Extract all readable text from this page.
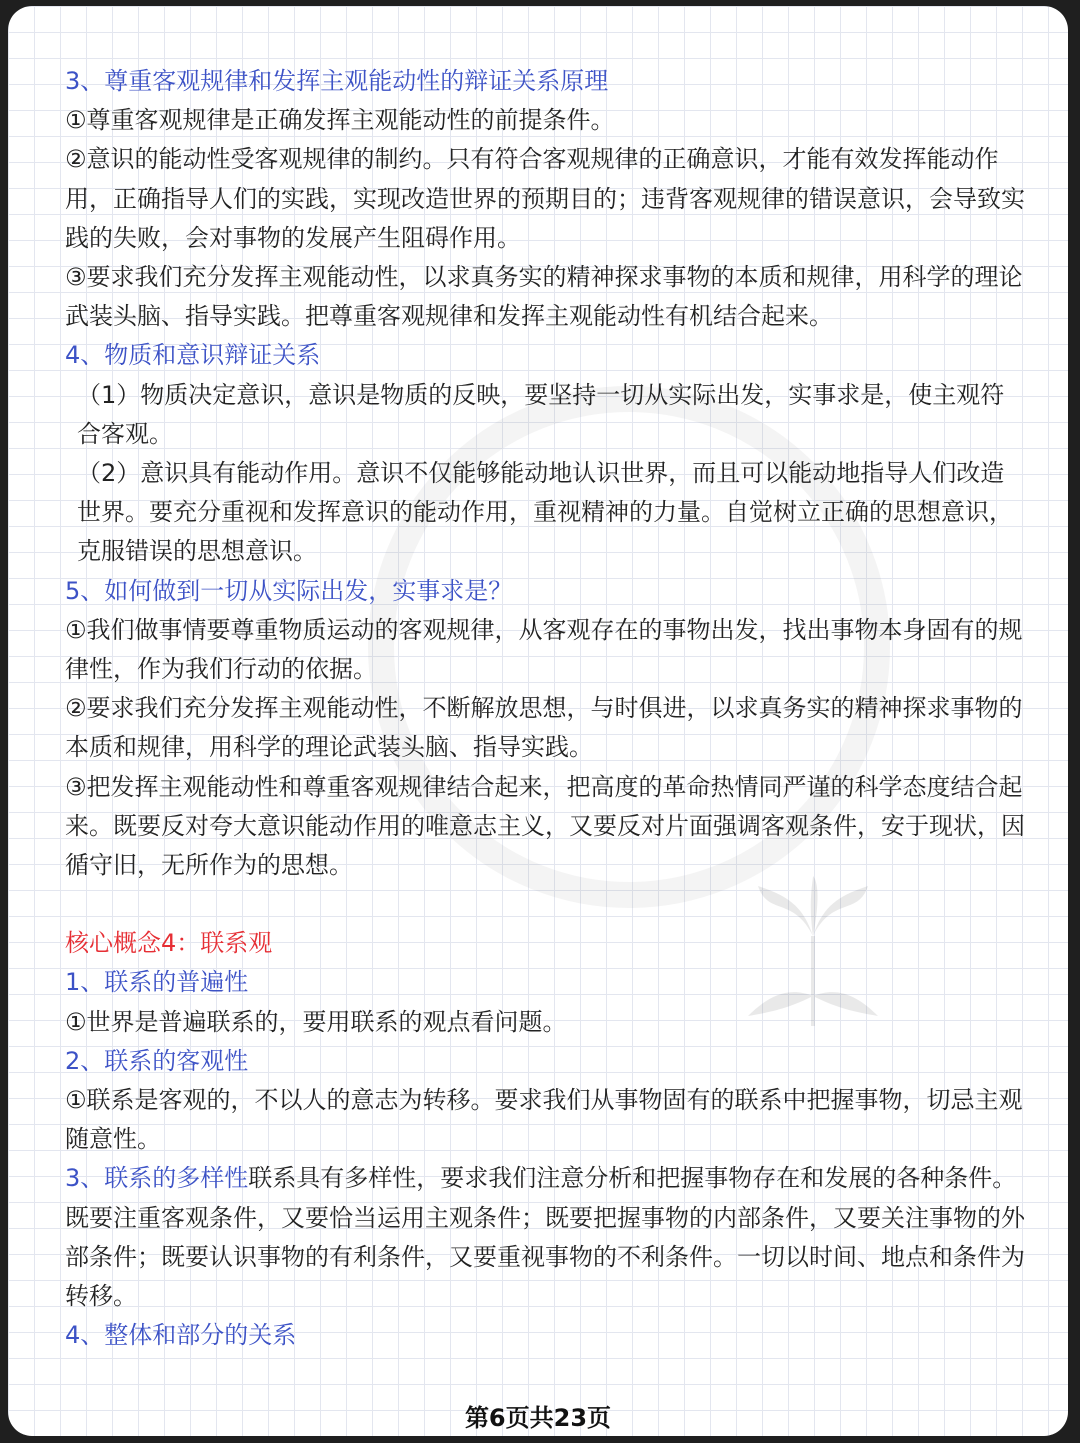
3、尊重客观规律和发挥主观能动性的辩证关系原理

①尊重客观规律是正确发挥主观能动性的前提条件。

②意识的能动性受客观规律的制约。只有符合客观规律的正确意识，才能有效发挥能动作用，正确指导人们的实践，实现改造世界的预期目的；违背客观规律的错误意识，会导致实践的失败，会对事物的发展产生阻碍作用。

③要求我们充分发挥主观能动性，以求真务实的精神探求事物的本质和规律，用科学的理论武装头脑、指导实践。把尊重客观规律和发挥主观能动性有机结合起来。

4、物质和意识辩证关系

（1）物质决定意识，意识是物质的反映，要坚持一切从实际出发，实事求是，使主观符合客观。

（2）意识具有能动作用。意识不仅能够能动地认识世界，而且可以能动地指导人们改造世界。要充分重视和发挥意识的能动作用，重视精神的力量。自觉树立正确的思想意识，克服错误的思想意识。

5、如何做到一切从实际出发，实事求是？

①我们做事情要尊重物质运动的客观规律，从客观存在的事物出发，找出事物本身固有的规律性，作为我们行动的依据。

②要求我们充分发挥主观能动性，不断解放思想，与时俱进，以求真务实的精神探求事物的本质和规律，用科学的理论武装头脑、指导实践。

③把发挥主观能动性和尊重客观规律结合起来，把高度的革命热情同严谨的科学态度结合起来。既要反对夸大意识能动作用的唯意志主义，又要反对片面强调客观条件，安于现状，因循守旧，无所作为的思想。

核心概念4：联系观

1、联系的普遍性

①世界是普遍联系的，要用联系的观点看问题。

2、联系的客观性

①联系是客观的，不以人的意志为转移。要求我们从事物固有的联系中把握事物，切忌主观随意性。

3、联系的多样性联系具有多样性，要求我们注意分析和把握事物存在和发展的各种条件。既要注重客观条件，又要恰当运用主观条件；既要把握事物的内部条件，又要关注事物的外部条件；既要认识事物的有利条件，又要重视事物的不利条件。一切以时间、地点和条件为转移。

4、整体和部分的关系

第6页共23页
